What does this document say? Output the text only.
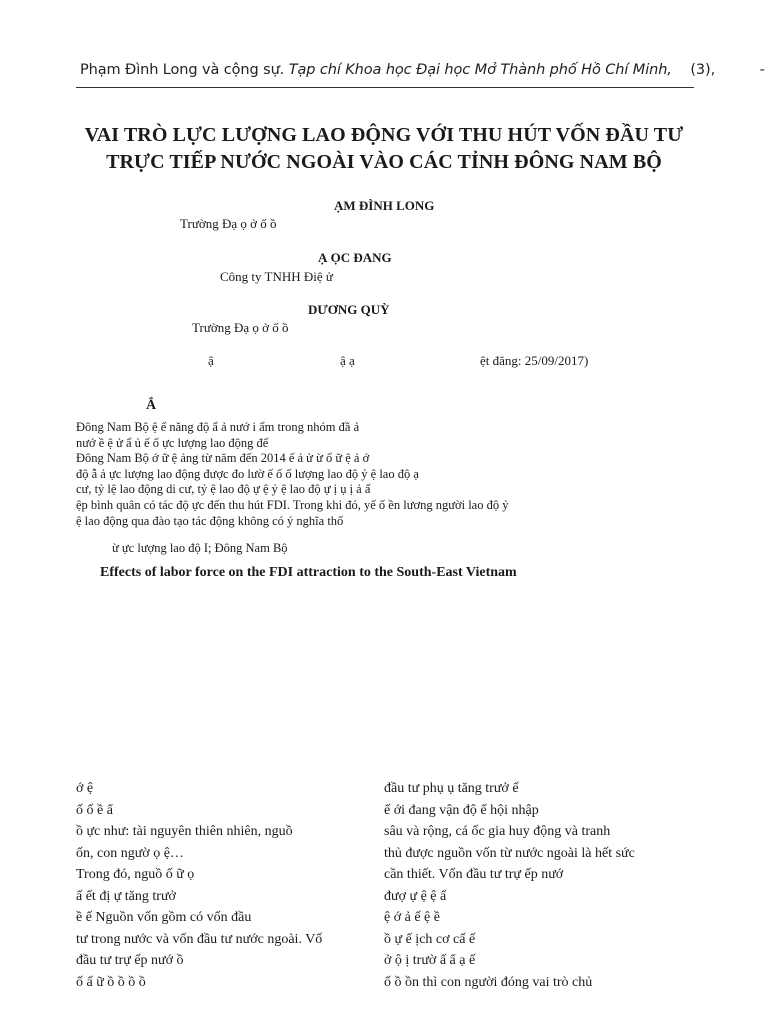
Phạm Đình Long và cộng sự. Tạp chí Khoa học Đại học Mở Thành phố Hồ Chí Minh, (3),	-
VAI TRÒ LỰC LƯỢNG LAO ĐỘNG VỚI THU HÚT VỐN ĐẦU TƯ
TRỰC TIẾP NƯỚC NGOÀI VÀO CÁC TỈNH ĐÔNG NAM BỘ
ẠM ĐÌNH LONG
Trường Đạ ọ ở ố ồ
Ạ ỌC ĐANG
Công ty TNHH Điệ ử
DƯƠNG QUỲ
Trường Đạ ọ ở ố ồ
ậ	ậ ạ	ệt đăng: 25/09/2017)
Ắ

Đông Nam Bộ ệ ế năng độ ẩ ả nướ i ẩm trong nhóm đầ ả

nướ ề ệ ử ẩ ủ ế ố ực lượng lao động để

Đông Nam Bộ ớ ữ ệ ảng từ năm đến 2014 ế ả ử ừ ổ ữ ệ ả ớ

độ ẫ ả ực lượng lao động được đo lườ ế ố ố lượng lao độ ỷ ệ lao độ ạ

cư, tỷ lệ lao động di cư, tỷ ệ lao độ ự ệ ỷ ệ lao độ ự ị ụ ị ả ấ

ệp bình quân có tác độ ực đến thu hút FDI. Trong khi đó, yế ố ền lương người lao độ ỷ

ệ lao động qua đào tạo tác động không có ý nghĩa thố

ừ ực lượng lao độ I; Đông Nam Bộ
Effects of labor force on the FDI attraction to the South-East Vietnam

ớ ệ

ố ố ề ẩ

ồ ực như: tài nguyên thiên nhiên, nguồ

ốn, con ngườ ọ ệ…

Trong đó, nguồ ố ữ ọ

ấ ết đị ự tăng trưở

ề ế Nguồn vốn gồm có vốn đầu

tư trong nước và vốn đầu tư nước ngoài. Vố

đầu tư trự ếp nướ ồ

ố ấ ữ ồ ồ ồ ồ

đầu tư phụ ụ tăng trưở ế

ế ới đang vận độ ế hội nhập

sâu và rộng, cá ốc gia huy động và tranh

thủ được nguồn vốn từ nước ngoài là hết sức

cần thiết. Vốn đầu tư trự ếp nướ

đượ ự ệ ệ ấ

ệ ớ ả ế ệ ề

ồ ự ế ịch cơ cấ ế

ở ộ ị trườ ấ ẩ ạ ế

ố ồ ồn thì con người đóng vai trò chủ
